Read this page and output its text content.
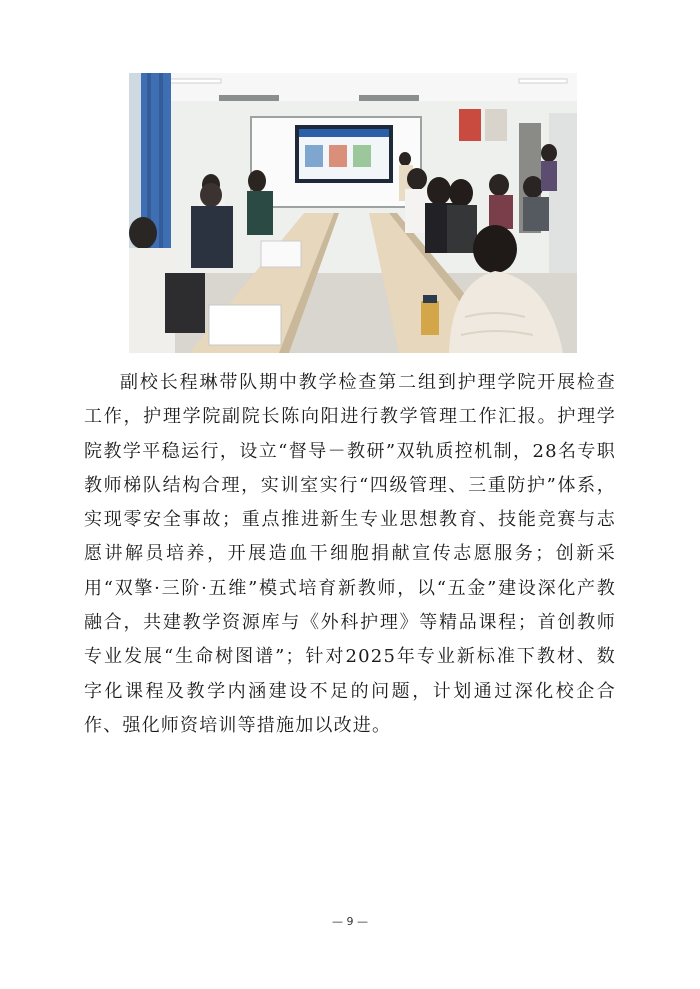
副校长程琳带队期中教学检查第二组到护理学院开展检查工作，护理学院副院长陈向阳进行教学管理工作汇报。护理学院教学平稳运行，设立“督导－教研”双轨质控机制，28名专职教师梯队结构合理，实训室实行“四级管理、三重防护”体系，实现零安全事故；重点推进新生专业思想教育、技能竞赛与志愿讲解员培养，开展造血干细胞捐献宣传志愿服务；创新采用“双擎·三阶·五维”模式培育新教师，以“五金”建设深化产教融合，共建教学资源库与《外科护理》等精品课程；首创教师专业发展“生命树图谱”；针对2025年专业新标准下教材、数字化课程及教学内涵建设不足的问题，计划通过深化校企合作、强化师资培训等措施加以改进。

— 9 —
